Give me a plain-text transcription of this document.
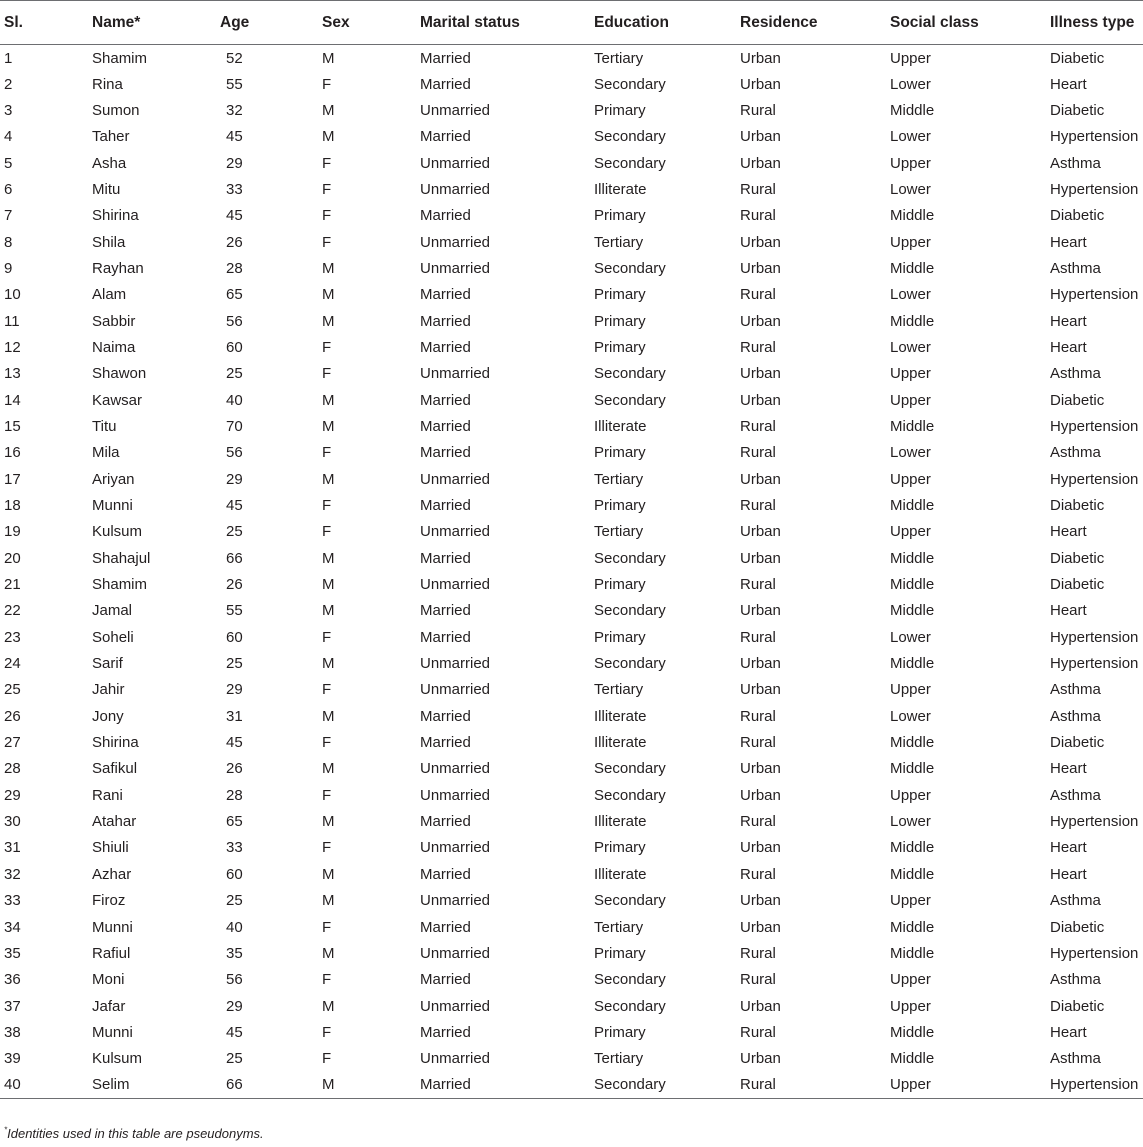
Sl.	Name*	Age	Sex	Marital status	Education	Residence	Social class	Illness type
1	Shamim	52	M	Married	Tertiary	Urban	Upper	Diabetic
2	Rina	55	F	Married	Secondary	Urban	Lower	Heart
3	Sumon	32	M	Unmarried	Primary	Rural	Middle	Diabetic
4	Taher	45	M	Married	Secondary	Urban	Lower	Hypertension
5	Asha	29	F	Unmarried	Secondary	Urban	Upper	Asthma
6	Mitu	33	F	Unmarried	Illiterate	Rural	Lower	Hypertension
7	Shirina	45	F	Married	Primary	Rural	Middle	Diabetic
8	Shila	26	F	Unmarried	Tertiary	Urban	Upper	Heart
9	Rayhan	28	M	Unmarried	Secondary	Urban	Middle	Asthma
10	Alam	65	M	Married	Primary	Rural	Lower	Hypertension
11	Sabbir	56	M	Married	Primary	Urban	Middle	Heart
12	Naima	60	F	Married	Primary	Rural	Lower	Heart
13	Shawon	25	F	Unmarried	Secondary	Urban	Upper	Asthma
14	Kawsar	40	M	Married	Secondary	Urban	Upper	Diabetic
15	Titu	70	M	Married	Illiterate	Rural	Middle	Hypertension
16	Mila	56	F	Married	Primary	Rural	Lower	Asthma
17	Ariyan	29	M	Unmarried	Tertiary	Urban	Upper	Hypertension
18	Munni	45	F	Married	Primary	Rural	Middle	Diabetic
19	Kulsum	25	F	Unmarried	Tertiary	Urban	Upper	Heart
20	Shahajul	66	M	Married	Secondary	Urban	Middle	Diabetic
21	Shamim	26	M	Unmarried	Primary	Rural	Middle	Diabetic
22	Jamal	55	M	Married	Secondary	Urban	Middle	Heart
23	Soheli	60	F	Married	Primary	Rural	Lower	Hypertension
24	Sarif	25	M	Unmarried	Secondary	Urban	Middle	Hypertension
25	Jahir	29	F	Unmarried	Tertiary	Urban	Upper	Asthma
26	Jony	31	M	Married	Illiterate	Rural	Lower	Asthma
27	Shirina	45	F	Married	Illiterate	Rural	Middle	Diabetic
28	Safikul	26	M	Unmarried	Secondary	Urban	Middle	Heart
29	Rani	28	F	Unmarried	Secondary	Urban	Upper	Asthma
30	Atahar	65	M	Married	Illiterate	Rural	Lower	Hypertension
31	Shiuli	33	F	Unmarried	Primary	Urban	Middle	Heart
32	Azhar	60	M	Married	Illiterate	Rural	Middle	Heart
33	Firoz	25	M	Unmarried	Secondary	Urban	Upper	Asthma
34	Munni	40	F	Married	Tertiary	Urban	Middle	Diabetic
35	Rafiul	35	M	Unmarried	Primary	Rural	Middle	Hypertension
36	Moni	56	F	Married	Secondary	Rural	Upper	Asthma
37	Jafar	29	M	Unmarried	Secondary	Urban	Upper	Diabetic
38	Munni	45	F	Married	Primary	Rural	Middle	Heart
39	Kulsum	25	F	Unmarried	Tertiary	Urban	Middle	Asthma
40	Selim	66	M	Married	Secondary	Rural	Upper	Hypertension
*Identities used in this table are pseudonyms.
